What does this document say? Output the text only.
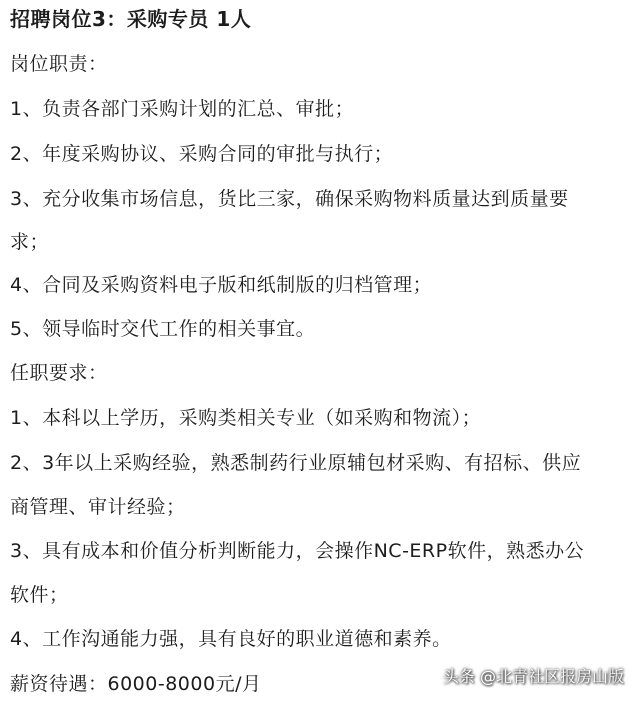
招聘岗位3：采购专员 1人
岗位职责：
1、负责各部门采购计划的汇总、审批；
2、年度采购协议、采购合同的审批与执行；
3、充分收集市场信息，货比三家，确保采购物料质量达到质量要
求；
4、合同及采购资料电子版和纸制版的归档管理；
5、领导临时交代工作的相关事宜。
任职要求：
1、本科以上学历，采购类相关专业（如采购和物流）；
2、3年以上采购经验，熟悉制药行业原辅包材采购、有招标、供应
商管理、审计经验；
3、具有成本和价值分析判断能力，会操作NC-ERP软件，熟悉办公
软件；
4、工作沟通能力强，具有良好的职业道德和素养。
薪资待遇：6000-8000元/月	头条 @北青社区报房山版
